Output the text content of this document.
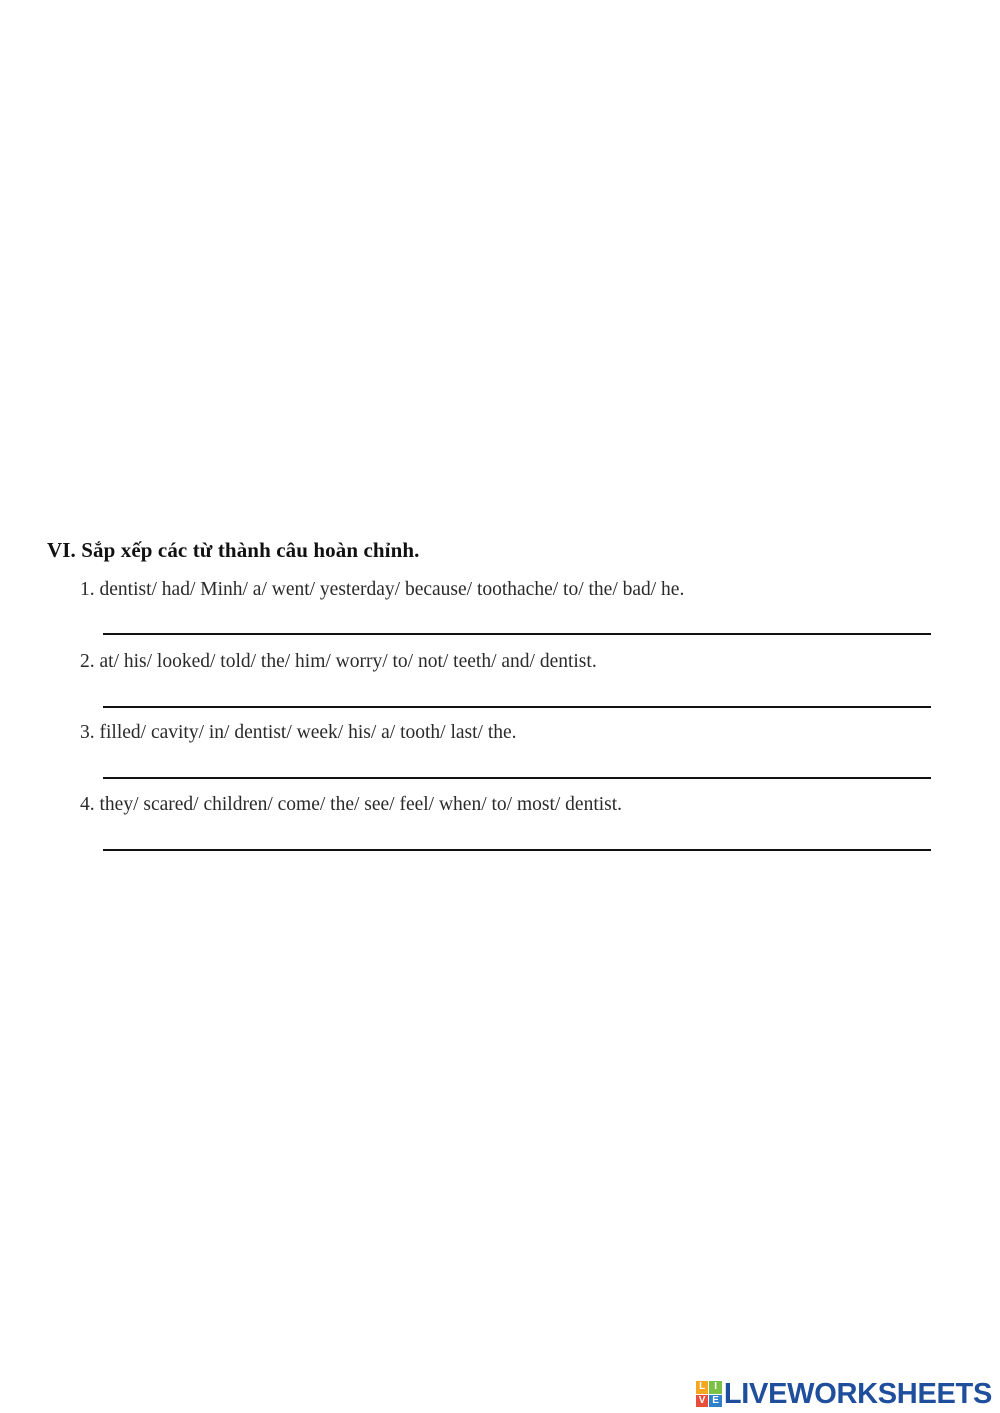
VI. Sắp xếp các từ thành câu hoàn chỉnh.
1. dentist/ had/ Minh/ a/ went/ yesterday/ because/ toothache/ to/ the/ bad/ he.
2. at/ his/ looked/ told/ the/ him/ worry/ to/ not/ teeth/ and/ dentist.
3. filled/ cavity/ in/ dentist/ week/ his/ a/ tooth/ last/ the.
4. they/ scared/ children/ come/ the/ see/ feel/ when/ to/ most/ dentist.
L I
V E LIVEWORKSHEETS
